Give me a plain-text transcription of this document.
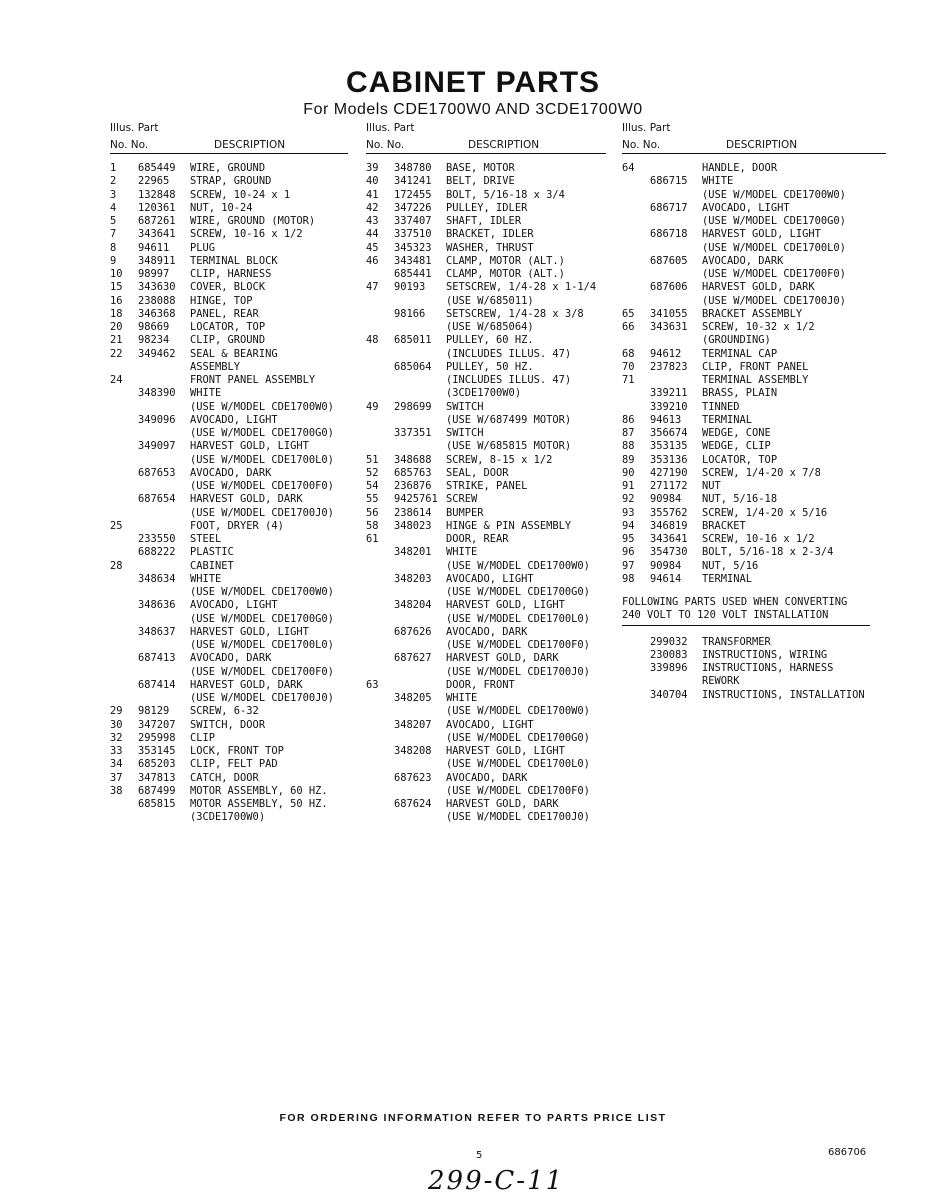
CABINET PARTS
For Models CDE1700W0 AND 3CDE1700W0
Illus. Part
No. No.	DESCRIPTION
1	685449 WIRE, GROUND
2	22965 STRAP, GROUND
3	132848 SCREW, 10-24 x 1
4	120361 NUT, 10-24
5	687261 WIRE, GROUND (MOTOR)
7	343641 SCREW, 10-16 x 1/2
8	94611 PLUG
9	348911 TERMINAL BLOCK
10	98997 CLIP, HARNESS
15	343630 COVER, BLOCK
16	238088 HINGE, TOP
18	346368 PANEL, REAR
20	98669 LOCATOR, TOP
21	98234 CLIP, GROUND
22	349462 SEAL & BEARING
ASSEMBLY
24	FRONT PANEL ASSEMBLY
348390 WHITE
(USE W/MODEL CDE1700W0)
349096 AVOCADO, LIGHT
(USE W/MODEL CDE1700G0)
349097 HARVEST GOLD, LIGHT
(USE W/MODEL CDE1700L0)
687653 AVOCADO, DARK
(USE W/MODEL CDE1700F0)
687654 HARVEST GOLD, DARK
(USE W/MODEL CDE1700J0)
25	FOOT, DRYER (4)
233550 STEEL
688222 PLASTIC
28	CABINET
348634 WHITE
(USE W/MODEL CDE1700W0)
348636 AVOCADO, LIGHT
(USE W/MODEL CDE1700G0)
348637 HARVEST GOLD, LIGHT
(USE W/MODEL CDE1700L0)
687413 AVOCADO, DARK
(USE W/MODEL CDE1700F0)
687414 HARVEST GOLD, DARK
(USE W/MODEL CDE1700J0)
29	98129 SCREW, 6-32
30	347207 SWITCH, DOOR
32	295998 CLIP
33	353145 LOCK, FRONT TOP
34	685203 CLIP, FELT PAD
37	347813 CATCH, DOOR
38	687499 MOTOR ASSEMBLY, 60 HZ.
685815 MOTOR ASSEMBLY, 50 HZ.
(3CDE1700W0)
Illus. Part
No. No.	DESCRIPTION
39	348780 BASE, MOTOR
40	341241 BELT, DRIVE
41	172455 BOLT, 5/16-18 x 3/4
42	347226 PULLEY, IDLER
43	337407 SHAFT, IDLER
44	337510 BRACKET, IDLER
45	345323 WASHER, THRUST
46	343481 CLAMP, MOTOR (ALT.)
685441 CLAMP, MOTOR (ALT.)
47	90193 SETSCREW, 1/4-28 x 1-1/4
(USE W/685011)
98166 SETSCREW, 1/4-28 x 3/8
(USE W/685064)
48	685011 PULLEY, 60 HZ.
(INCLUDES ILLUS. 47)
685064 PULLEY, 50 HZ.
(INCLUDES ILLUS. 47)
(3CDE1700W0)
49	298699 SWITCH
(USE W/687499 MOTOR)
337351 SWITCH
(USE W/685815 MOTOR)
51	348688 SCREW, 8-15 x 1/2
52	685763 SEAL, DOOR
54	236876 STRIKE, PANEL
55	9425761 SCREW
56	238614 BUMPER
58	348023 HINGE & PIN ASSEMBLY
61	DOOR, REAR
348201 WHITE
(USE W/MODEL CDE1700W0)
348203 AVOCADO, LIGHT
(USE W/MODEL CDE1700G0)
348204 HARVEST GOLD, LIGHT
(USE W/MODEL CDE1700L0)
687626 AVOCADO, DARK
(USE W/MODEL CDE1700F0)
687627 HARVEST GOLD, DARK
(USE W/MODEL CDE1700J0)
63	DOOR, FRONT
348205 WHITE
(USE W/MODEL CDE1700W0)
348207 AVOCADO, LIGHT
(USE W/MODEL CDE1700G0)
348208 HARVEST GOLD, LIGHT
(USE W/MODEL CDE1700L0)
687623 AVOCADO, DARK
(USE W/MODEL CDE1700F0)
687624 HARVEST GOLD, DARK
(USE W/MODEL CDE1700J0)
Illus. Part
No. No.	DESCRIPTION
64	HANDLE, DOOR
686715 WHITE
(USE W/MODEL CDE1700W0)
686717 AVOCADO, LIGHT
(USE W/MODEL CDE1700G0)
686718 HARVEST GOLD, LIGHT
(USE W/MODEL CDE1700L0)
687605 AVOCADO, DARK
(USE W/MODEL CDE1700F0)
687606 HARVEST GOLD, DARK
(USE W/MODEL CDE1700J0)
65	341055 BRACKET ASSEMBLY
66	343631 SCREW, 10-32 x 1/2
(GROUNDING)
68	94612 TERMINAL CAP
70	237823 CLIP, FRONT PANEL
71	TERMINAL ASSEMBLY
339211 BRASS, PLAIN
339210 TINNED
86	94613 TERMINAL
87	356674 WEDGE, CONE
88	353135 WEDGE, CLIP
89	353136 LOCATOR, TOP
90	427190 SCREW, 1/4-20 x 7/8
91	271172 NUT
92	90984 NUT, 5/16-18
93	355762 SCREW, 1/4-20 x 5/16
94	346819 BRACKET
95	343641 SCREW, 10-16 x 1/2
96	354730 BOLT, 5/16-18 x 2-3/4
97	90984 NUT, 5/16
98	94614 TERMINAL
FOLLOWING PARTS USED WHEN CONVERTING
240 VOLT TO 120 VOLT INSTALLATION
299032 TRANSFORMER
230083 INSTRUCTIONS, WIRING
339896 INSTRUCTIONS, HARNESS
REWORK
340704 INSTRUCTIONS, INSTALLATION
FOR ORDERING INFORMATION REFER TO PARTS PRICE LIST
5	686706
299-C-11
